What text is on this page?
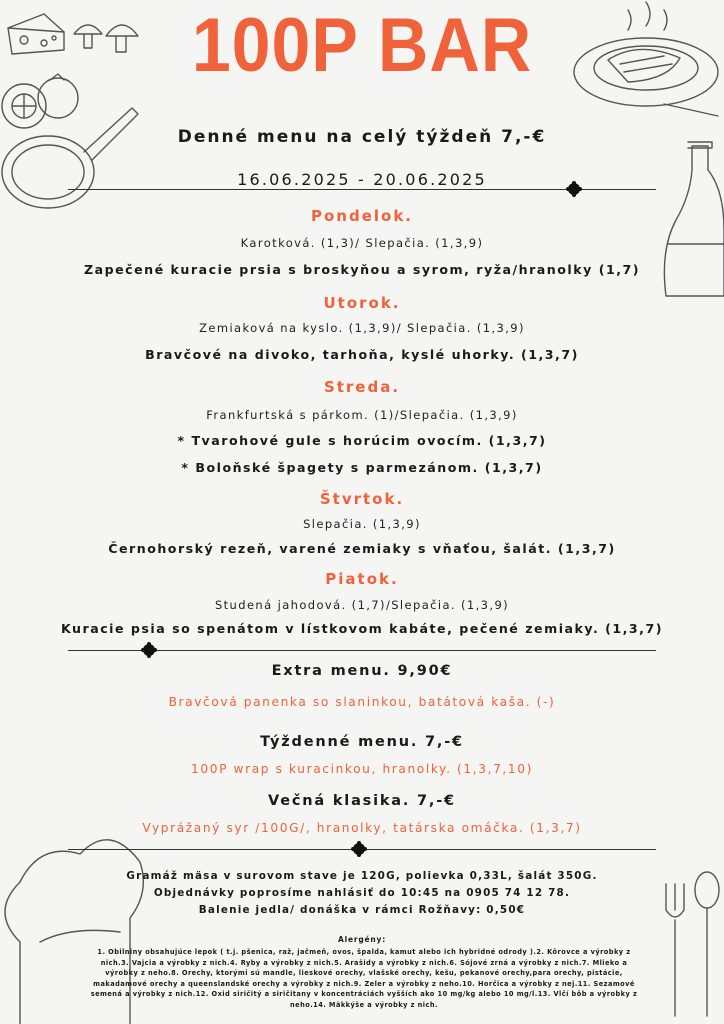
100P BAR
Denné menu na celý týždeň 7,-€
16.06.2025 - 20.06.2025
Pondelok.
Karotková. (1,3)/ Slepačia. (1,3,9)
Zapečené kuracie prsia s broskyňou a syrom, ryža/hranolky (1,7)
Utorok.
Zemiaková na kyslo. (1,3,9)/ Slepačia. (1,3,9)
Bravčové na divoko, tarhoňa, kyslé uhorky. (1,3,7)
Streda.
Frankfurtská s párkom. (1)/Slepačia. (1,3,9)
* Tvarohové gule s horúcim ovocím. (1,3,7)
* Boloňské špagety s parmezánom. (1,3,7)
Štvrtok.
Slepačia. (1,3,9)
Černohorský rezeň, varené zemiaky s vňaťou, šalát. (1,3,7)
Piatok.
Studená jahodová. (1,7)/Slepačia. (1,3,9)
Kuracie psia so spenátom v lístkovom kabáte, pečené zemiaky. (1,3,7)
Extra menu. 9,90€
Bravčová panenka so slaninkou, batátová kaša. (-)
Týždenné menu. 7,-€
100P wrap s kuracinkou, hranolky. (1,3,7,10)
Večná klasika. 7,-€
Vyprážaný syr /100G/, hranolky, tatárska omáčka. (1,3,7)
Gramáž mäsa v surovom stave je 120G, polievka 0,33L, šalát 350G.
Objednávky poprosíme nahlásiť do 10:45 na 0905 74 12 78.
Balenie jedla/ donáška v rámci Rožňavy: 0,50€
Alergény:
1. Obilniny obsahujúce lepok ( t.j. pšenica, raž, jačmeň, ovos, špalda, kamut alebo ich hybridné odrody ).2. Kôrovce a výrobky z nich.3. Vajcia a výrobky z nich.4. Ryby a výrobky z nich.5. Arašidy a výrobky z nich.6. Sójové zrná a výrobky z nich.7. Mlieko a výrobky z neho.8. Orechy, ktorými sú mandle, lieskové orechy, vlašské orechy, kešu, pekanové orechy,para orechy, pistácie, makadamové orechy a queenslandské orechy a výrobky z nich.9. Zeler a výrobky z neho.10. Horčica a výrobky z nej.11. Sezamové semená a výrobky z nich.12. Oxid siričitý a siričitany v koncentráciách vyšších ako 10 mg/kg alebo 10 mg/l.13. Vlčí bôb a výrobky z neho.14. Mäkkýše a výrobky z nich.
